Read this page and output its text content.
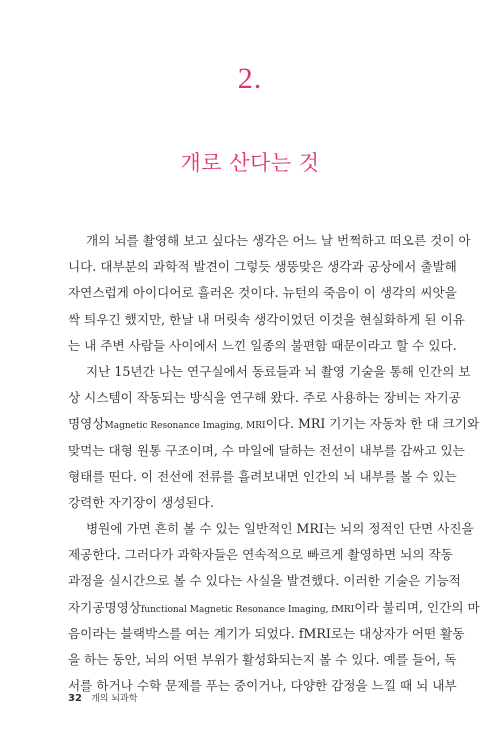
2.
개로 산다는 것
개의 뇌를 촬영해 보고 싶다는 생각은 어느 날 번쩍하고 떠오른 것이 아
니다. 대부분의 과학적 발견이 그렇듯 생뚱맞은 생각과 공상에서 출발해
자연스럽게 아이디어로 흘러온 것이다. 뉴턴의 죽음이 이 생각의 씨앗을
싹 틔우긴 했지만, 한날 내 머릿속 생각이었던 이것을 현실화하게 된 이유
는 내 주변 사람들 사이에서 느낀 일종의 불편함 때문이라고 할 수 있다.
지난 15년간 나는 연구실에서 동료들과 뇌 촬영 기술을 통해 인간의 보
상 시스템이 작동되는 방식을 연구해 왔다. 주로 사용하는 장비는 자기공
명영상Magnetic Resonance Imaging, MRI이다. MRI 기기는 자동차 한 대 크기와
맞먹는 대형 원통 구조이며, 수 마일에 달하는 전선이 내부를 감싸고 있는
형태를 띤다. 이 전선에 전류를 흘려보내면 인간의 뇌 내부를 볼 수 있는
강력한 자기장이 생성된다.
병원에 가면 흔히 볼 수 있는 일반적인 MRI는 뇌의 정적인 단면 사진을
제공한다. 그러다가 과학자들은 연속적으로 빠르게 촬영하면 뇌의 작동
과정을 실시간으로 볼 수 있다는 사실을 발견했다. 이러한 기술은 기능적
자기공명영상functional Magnetic Resonance Imaging, fMRI이라 불리며, 인간의 마
음이라는 블랙박스를 여는 계기가 되었다. fMRI로는 대상자가 어떤 활동
을 하는 동안, 뇌의 어떤 부위가 활성화되는지 볼 수 있다. 예를 들어, 독
서를 하거나 수학 문제를 푸는 중이거나, 다양한 감정을 느낄 때 뇌 내부
32 개의 뇌과학
